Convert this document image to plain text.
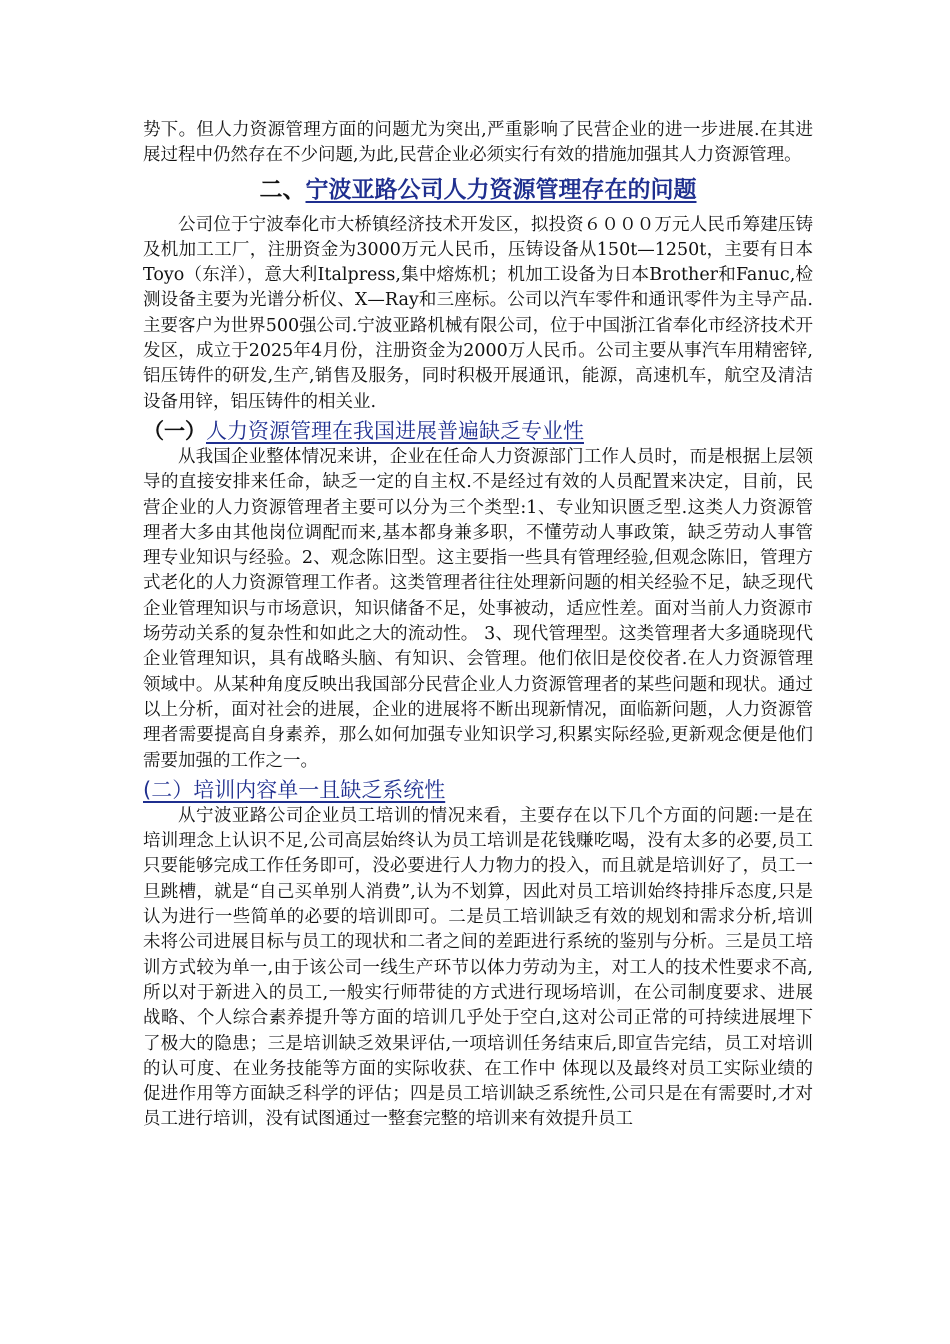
势下。但人力资源管理方面的问题尤为突出,严重影响了民营企业的进一步进展.在其进展过程中仍然存在不少问题,为此,民营企业必须实行有效的措施加强其人力资源管理。

二、宁波亚路公司人力资源管理存在的问题

公司位于宁波奉化市大桥镇经济技术开发区，拟投资６０００万元人民币筹建压铸及机加工工厂，注册资金为3000万元人民币，压铸设备从150t—1250t，主要有日本Toyo（东洋），意大利Italpress,集中熔炼机；机加工设备为日本Brother和Fanuc,检测设备主要为光谱分析仪、X—Ray和三座标。公司以汽车零件和通讯零件为主导产品. 主要客户为世界500强公司.宁波亚路机械有限公司，位于中国浙江省奉化市经济技术开发区，成立于2025年4月份，注册资金为2000万人民币。公司主要从事汽车用精密锌,铝压铸件的研发,生产,销售及服务，同时积极开展通讯，能源，高速机车，航空及清洁设备用锌，铝压铸件的相关业.

（一）人力资源管理在我国进展普遍缺乏专业性

从我国企业整体情况来讲，企业在任命人力资源部门工作人员时，而是根据上层领导的直接安排来任命，缺乏一定的自主权.不是经过有效的人员配置来决定，目前，民营企业的人力资源管理者主要可以分为三个类型:1、专业知识匮乏型.这类人力资源管理者大多由其他岗位调配而来,基本都身兼多职，不懂劳动人事政策，缺乏劳动人事管理专业知识与经验。2、观念陈旧型。这主要指一些具有管理经验,但观念陈旧，管理方式老化的人力资源管理工作者。这类管理者往往处理新问题的相关经验不足，缺乏现代企业管理知识与市场意识，知识储备不足，处事被动，适应性差。面对当前人力资源市场劳动关系的复杂性和如此之大的流动性。 3、现代管理型。这类管理者大多通晓现代企业管理知识，具有战略头脑、有知识、会管理。他们依旧是佼佼者.在人力资源管理领域中。从某种角度反映出我国部分民营企业人力资源管理者的某些问题和现状。通过以上分析，面对社会的进展，企业的进展将不断出现新情况，面临新问题，人力资源管理者需要提高自身素养，那么如何加强专业知识学习,积累实际经验,更新观念便是他们需要加强的工作之一。

(二）培训内容单一且缺乏系统性

从宁波亚路公司企业员工培训的情况来看，主要存在以下几个方面的问题:一是在培训理念上认识不足,公司高层始终认为员工培训是花钱赚吃喝，没有太多的必要,员工只要能够完成工作任务即可，没必要进行人力物力的投入，而且就是培训好了，员工一旦跳槽，就是“自己买单别人消费”,认为不划算，因此对员工培训始终持排斥态度,只是认为进行一些简单的必要的培训即可。二是员工培训缺乏有效的规划和需求分析,培训未将公司进展目标与员工的现状和二者之间的差距进行系统的鉴别与分析。三是员工培训方式较为单一,由于该公司一线生产环节以体力劳动为主，对工人的技术性要求不高,所以对于新进入的员工,一般实行师带徒的方式进行现场培训，在公司制度要求、进展战略、个人综合素养提升等方面的培训几乎处于空白,这对公司正常的可持续进展埋下了极大的隐患；三是培训缺乏效果评估,一项培训任务结束后,即宣告完结，员工对培训的认可度、在业务技能等方面的实际收获、在工作中 体现以及最终对员工实际业绩的促进作用等方面缺乏科学的评估；四是员工培训缺乏系统性,公司只是在有需要时,才对员工进行培训，没有试图通过一整套完整的培训来有效提升员工
